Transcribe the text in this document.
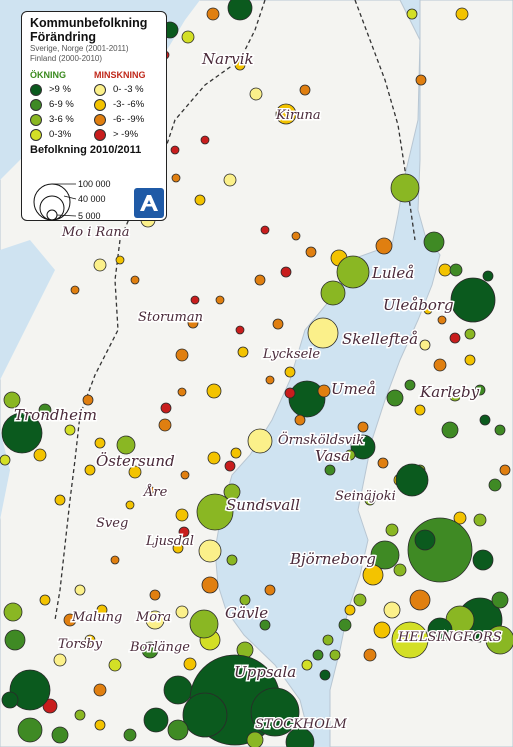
Narvik
Kiruna
Mo i Rana
Luleå
Uleåborg
Storuman
Skellefteå
Lycksele
Umeå	Karleby
Trondheim
Örnsköldsvik
Vasa
Östersund
Åre	Seinäjoki
Sundsvall
Sveg
Ljusdal
Björneborg
Gävle
Malung Mora
Torsby Borlänge
HELSINGFORS
Uppsala
STOCKHOLM
Kommunbefolkning
Förändring
Sverige, Norge (2001-2011)
Finland (2000-2010)
ÖKNING
>9 %
6-9 %
3-6 %
0-3%
MINSKNING
0- -3 %
-3- -6%
-6- -9%
> -9%
Befolkning 2010/2011
100 000
40 000
5 000
